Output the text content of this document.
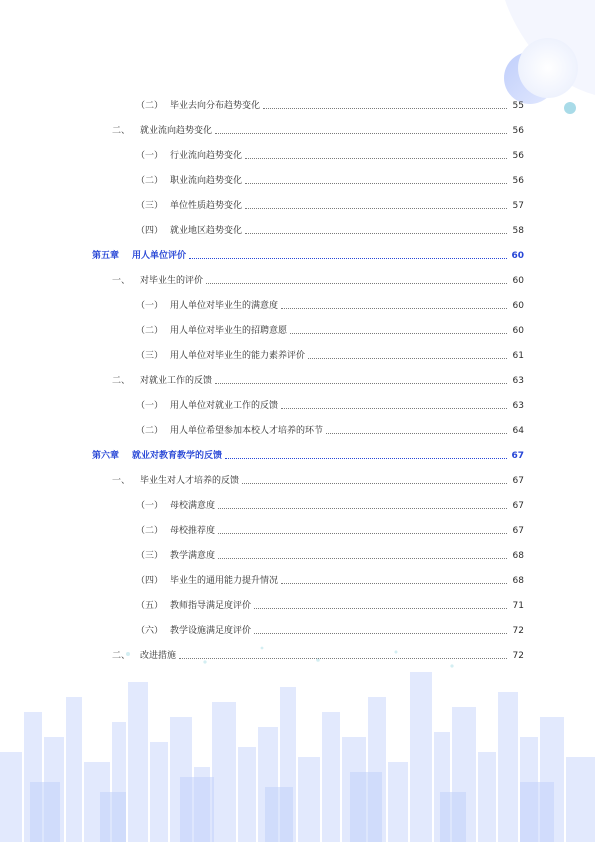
（二） 毕业去向分布趋势变化	55
二、	就业流向趋势变化	56
（一） 行业流向趋势变化	56
（二） 职业流向趋势变化	56
（三） 单位性质趋势变化	57
（四） 就业地区趋势变化	58
第五章	用人单位评价	60
一、	对毕业生的评价	60
（一） 用人单位对毕业生的满意度	60
（二） 用人单位对毕业生的招聘意愿	60
（三） 用人单位对毕业生的能力素养评价	61
二、	对就业工作的反馈	63
（一） 用人单位对就业工作的反馈	63
（二） 用人单位希望参加本校人才培养的环节	64
第六章	就业对教育教学的反馈	67
一、	毕业生对人才培养的反馈	67
（一） 母校满意度	67
（二） 母校推荐度	67
（三） 教学满意度	68
（四） 毕业生的通用能力提升情况	68
（五） 教师指导满足度评价	71
（六） 教学设施满足度评价	72
二、	改进措施	72
